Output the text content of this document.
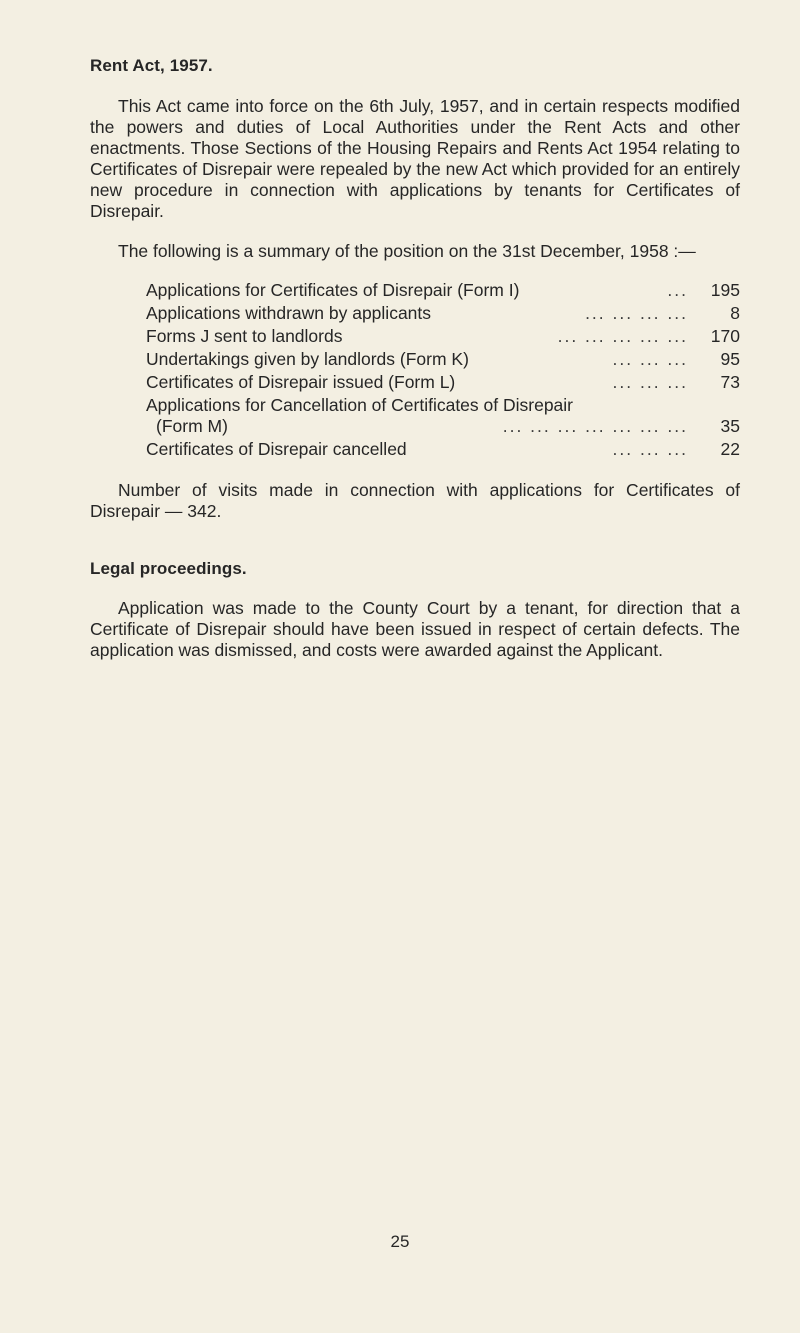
Rent Act, 1957.

This Act came into force on the 6th July, 1957, and in certain respects modified the powers and duties of Local Authorities under the Rent Acts and other enactments. Those Sections of the Housing Repairs and Rents Act 1954 relating to Certificates of Disrepair were repealed by the new Act which provided for an entirely new procedure in connection with applications by tenants for Certificates of Disrepair.

The following is a summary of the position on the 31st December, 1958 :—

Applications for Certificates of Disrepair (Form I)	...	195
Applications withdrawn by applicants	... ... ... ...	8
Forms J sent to landlords	... ... ... ... ...	170
Undertakings given by landlords (Form K)	... ... ...	95
Certificates of Disrepair issued (Form L)	... ... ...	73
Applications for Cancellation of Certificates of Disrepair
(Form M)	... ... ... ... ... ... ...	35
Certificates of Disrepair cancelled	... ... ...	22

Number of visits made in connection with applications for Certificates of Disrepair — 342.

Legal proceedings.

Application was made to the County Court by a tenant, for direction that a Certificate of Disrepair should have been issued in respect of certain defects. The application was dismissed, and costs were awarded against the Applicant.

25
